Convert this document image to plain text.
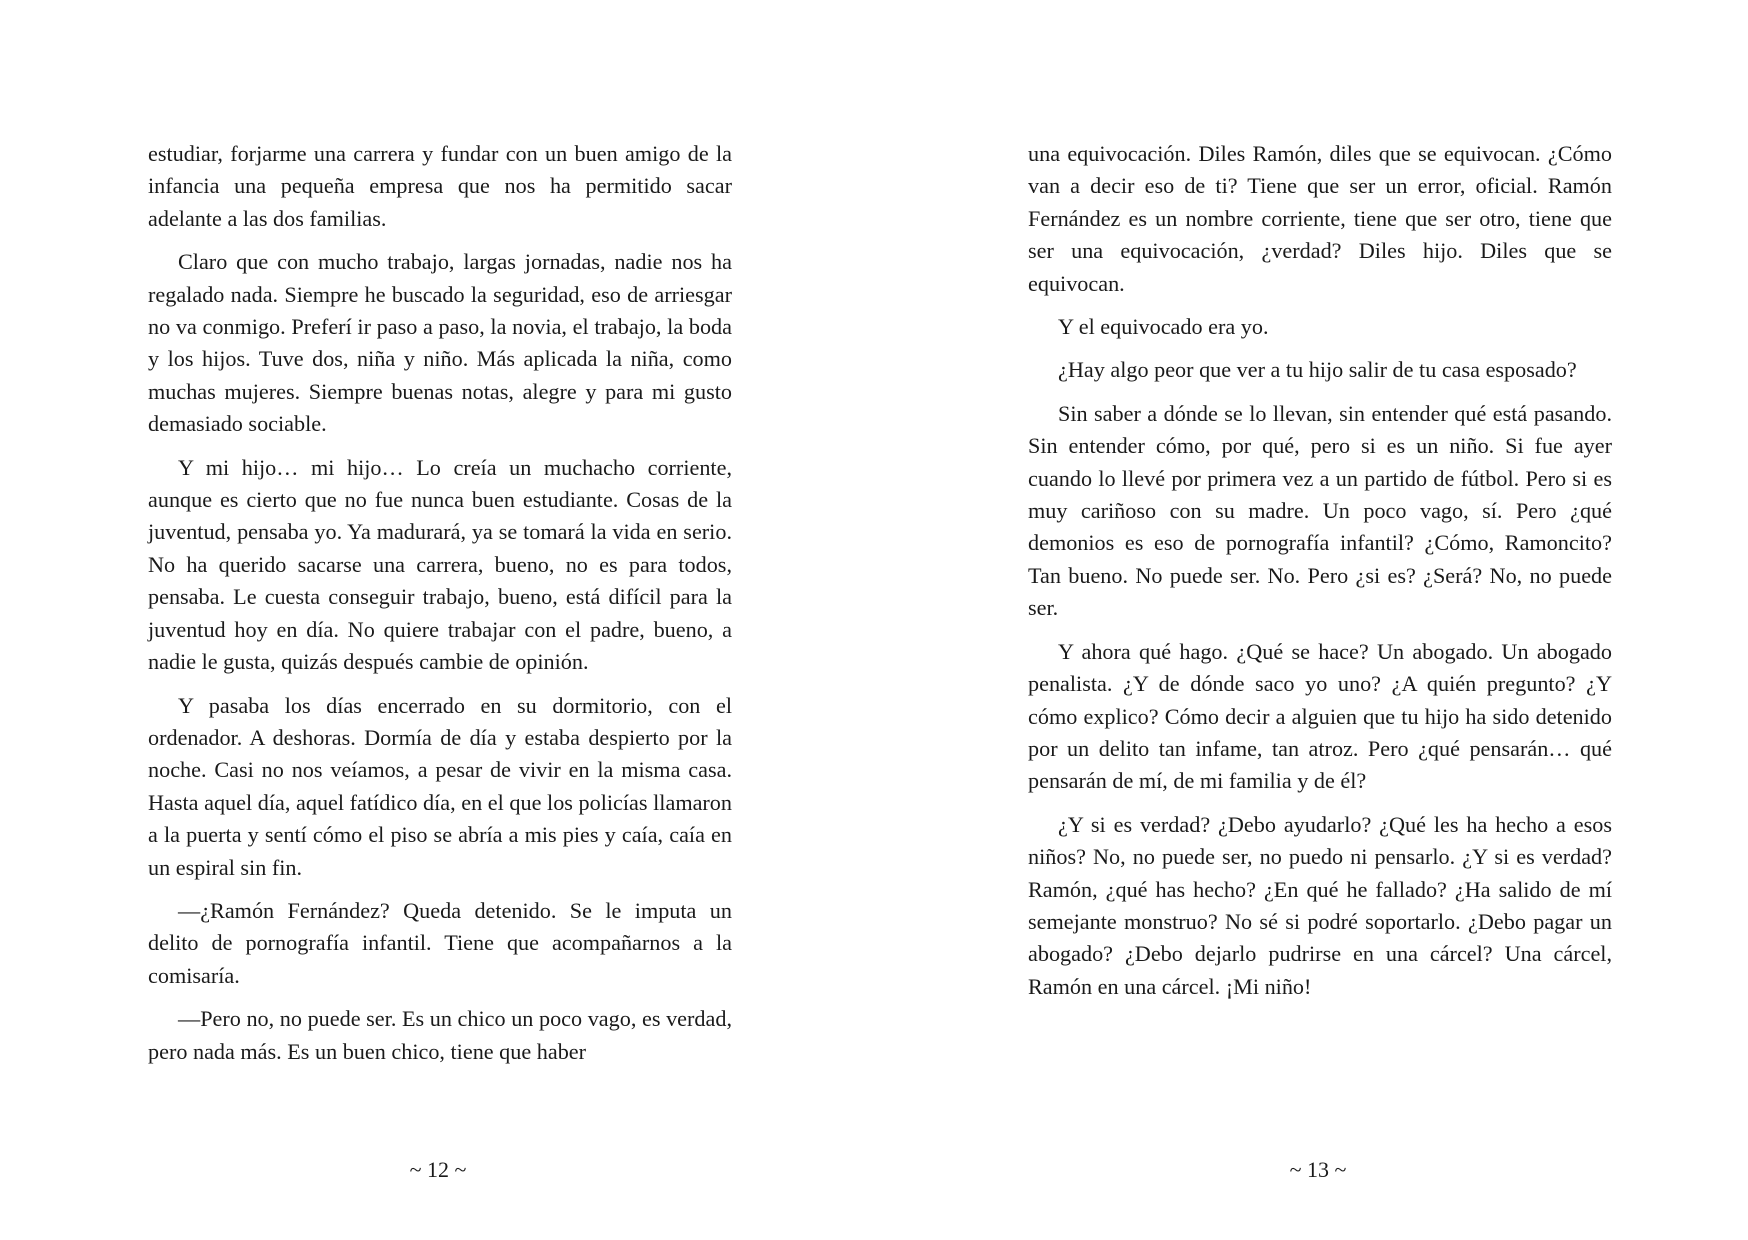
estudiar, forjarme una carrera y fundar con un buen amigo de la infancia una pequeña empresa que nos ha permitido sacar adelante a las dos familias.

Claro que con mucho trabajo, largas jornadas, nadie nos ha regalado nada. Siempre he buscado la seguridad, eso de arriesgar no va conmigo. Preferí ir paso a paso, la novia, el trabajo, la boda y los hijos. Tuve dos, niña y niño. Más aplicada la niña, como muchas mujeres. Siempre buenas notas, alegre y para mi gusto demasiado sociable.

Y mi hijo… mi hijo… Lo creía un muchacho corriente, aunque es cierto que no fue nunca buen estudiante. Cosas de la juventud, pensaba yo. Ya madurará, ya se tomará la vida en serio. No ha querido sacarse una carrera, bueno, no es para todos, pensaba. Le cuesta conseguir trabajo, bueno, está difícil para la juventud hoy en día. No quiere trabajar con el padre, bueno, a nadie le gusta, quizás después cambie de opinión.

Y pasaba los días encerrado en su dormitorio, con el ordenador. A deshoras. Dormía de día y estaba despierto por la noche. Casi no nos veíamos, a pesar de vivir en la misma casa. Hasta aquel día, aquel fatídico día, en el que los policías llamaron a la puerta y sentí cómo el piso se abría a mis pies y caía, caía en un espiral sin fin.

—¿Ramón Fernández? Queda detenido. Se le imputa un delito de pornografía infantil. Tiene que acompañarnos a la comisaría.

—Pero no, no puede ser. Es un chico un poco vago, es verdad, pero nada más. Es un buen chico, tiene que haber

una equivocación. Diles Ramón, diles que se equivocan. ¿Cómo van a decir eso de ti? Tiene que ser un error, oficial. Ramón Fernández es un nombre corriente, tiene que ser otro, tiene que ser una equivocación, ¿verdad? Diles hijo. Diles que se equivocan.

Y el equivocado era yo.

¿Hay algo peor que ver a tu hijo salir de tu casa esposado?

Sin saber a dónde se lo llevan, sin entender qué está pasando. Sin entender cómo, por qué, pero si es un niño. Si fue ayer cuando lo llevé por primera vez a un partido de fútbol. Pero si es muy cariñoso con su madre. Un poco vago, sí. Pero ¿qué demonios es eso de pornografía infantil? ¿Cómo, Ramoncito? Tan bueno. No puede ser. No. Pero ¿si es? ¿Será? No, no puede ser.

Y ahora qué hago. ¿Qué se hace? Un abogado. Un abogado penalista. ¿Y de dónde saco yo uno? ¿A quién pregunto? ¿Y cómo explico? Cómo decir a alguien que tu hijo ha sido detenido por un delito tan infame, tan atroz. Pero ¿qué pensarán… qué pensarán de mí, de mi familia y de él?

¿Y si es verdad? ¿Debo ayudarlo? ¿Qué les ha hecho a esos niños? No, no puede ser, no puedo ni pensarlo. ¿Y si es verdad? Ramón, ¿qué has hecho? ¿En qué he fallado? ¿Ha salido de mí semejante monstruo? No sé si podré soportarlo. ¿Debo pagar un abogado? ¿Debo dejarlo pudrirse en una cárcel? Una cárcel, Ramón en una cárcel. ¡Mi niño!

~ 12 ~	~ 13 ~
